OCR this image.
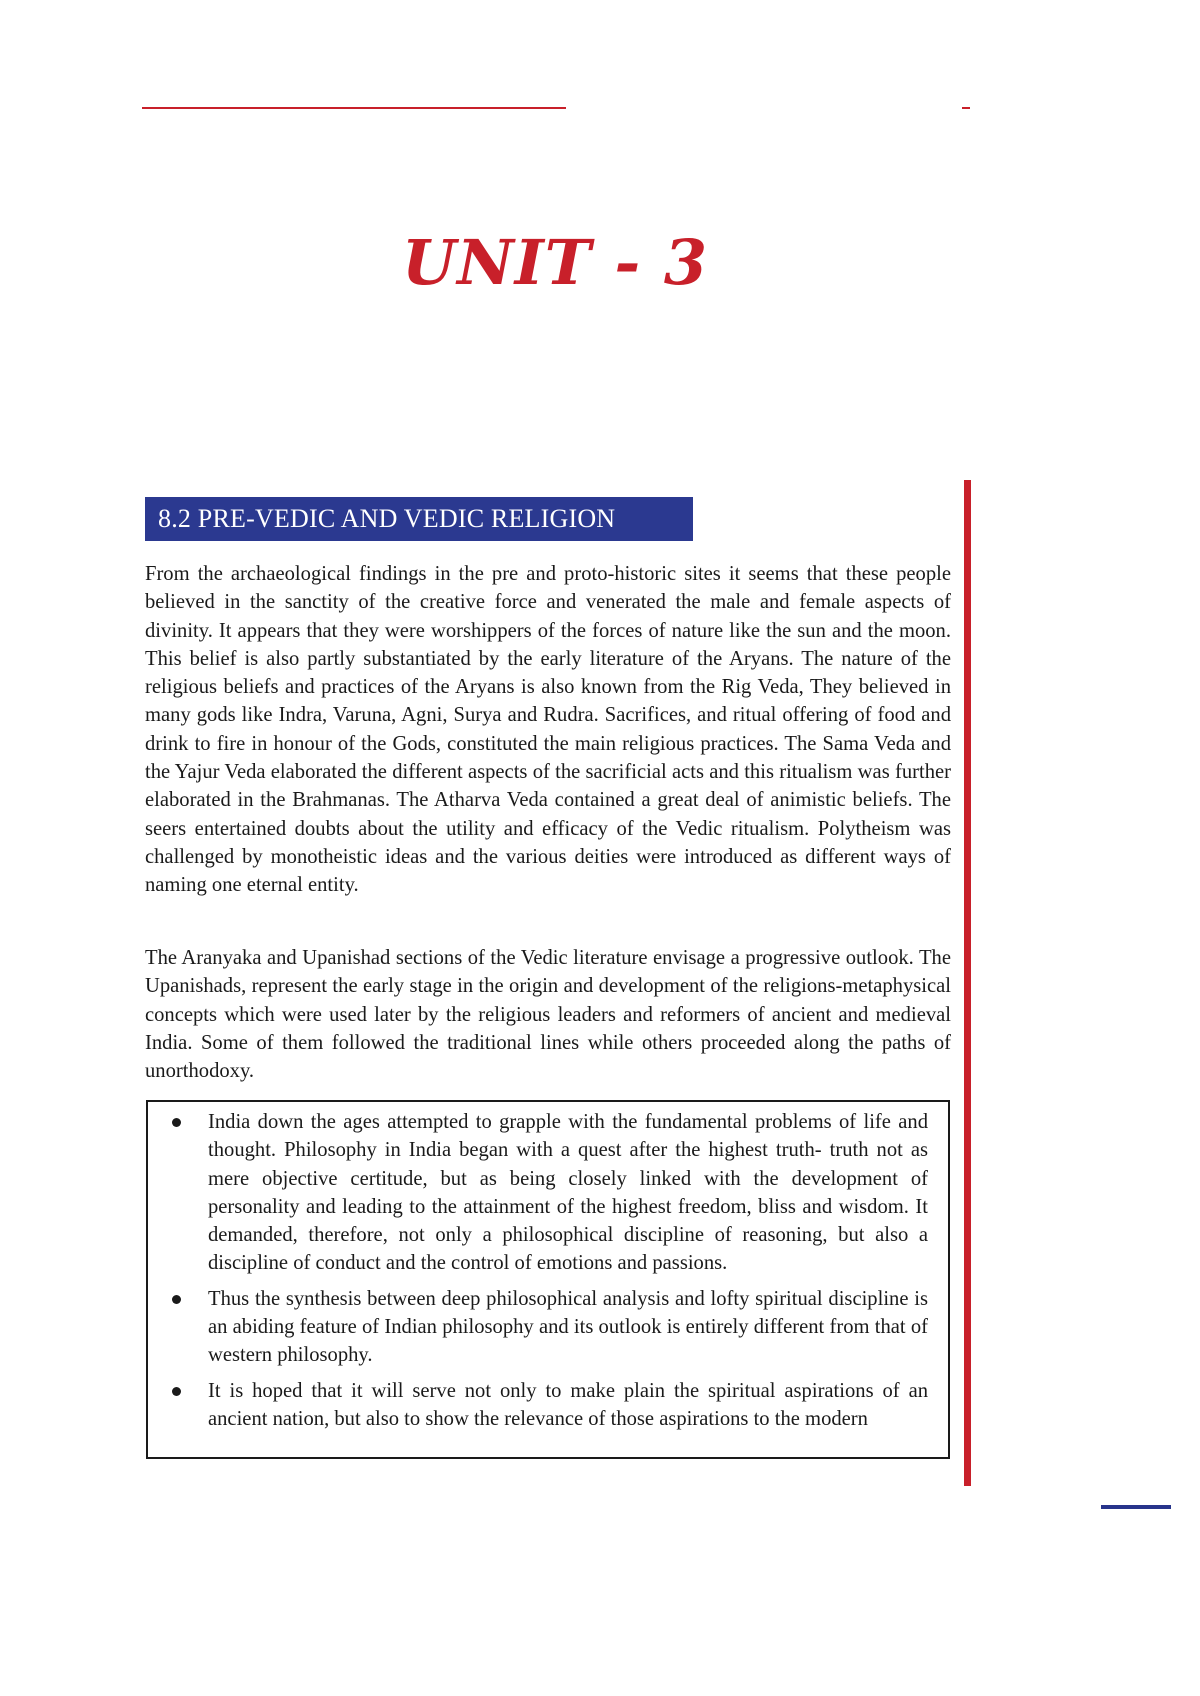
UNIT - 3
8.2 PRE-VEDIC AND VEDIC RELIGION

From the archaeological findings in the pre and proto-historic sites it seems that these people believed in the sanctity of the creative force and venerated the male and female aspects of divinity. It appears that they were worshippers of the forces of nature like the sun and the moon. This belief is also partly substantiated by the early literature of the Aryans. The nature of the religious beliefs and practices of the Aryans is also known from the Rig Veda, They believed in many gods like Indra, Varuna, Agni, Surya and Rudra. Sacrifices, and ritual offering of food and drink to fire in honour of the Gods, constituted the main religious practices. The Sama Veda and the Yajur Veda elaborated the different aspects of the sacrificial acts and this ritualism was further elaborated in the Brahmanas. The Atharva Veda contained a great deal of animistic beliefs. The seers entertained doubts about the utility and efficacy of the Vedic ritualism. Polytheism was challenged by monotheistic ideas and the various deities were introduced as different ways of naming one eternal entity.

The Aranyaka and Upanishad sections of the Vedic literature envisage a progressive outlook. The Upanishads, represent the early stage in the origin and development of the religions-metaphysical concepts which were used later by the religious leaders and reformers of ancient and medieval India. Some of them followed the traditional lines while others proceeded along the paths of unorthodoxy.

India down the ages attempted to grapple with the fundamental problems of life and thought. Philosophy in India began with a quest after the highest truth- truth not as mere objective certitude, but as being closely linked with the development of personality and leading to the attainment of the highest freedom, bliss and wisdom. It demanded, therefore, not only a philosophical discipline of reasoning, but also a discipline of conduct and the control of emotions and passions.
Thus the synthesis between deep philosophical analysis and lofty spiritual discipline is an abiding feature of Indian philosophy and its outlook is entirely different from that of western philosophy.
It is hoped that it will serve not only to make plain the spiritual aspirations of an ancient nation, but also to show the relevance of those aspirations to the modern
